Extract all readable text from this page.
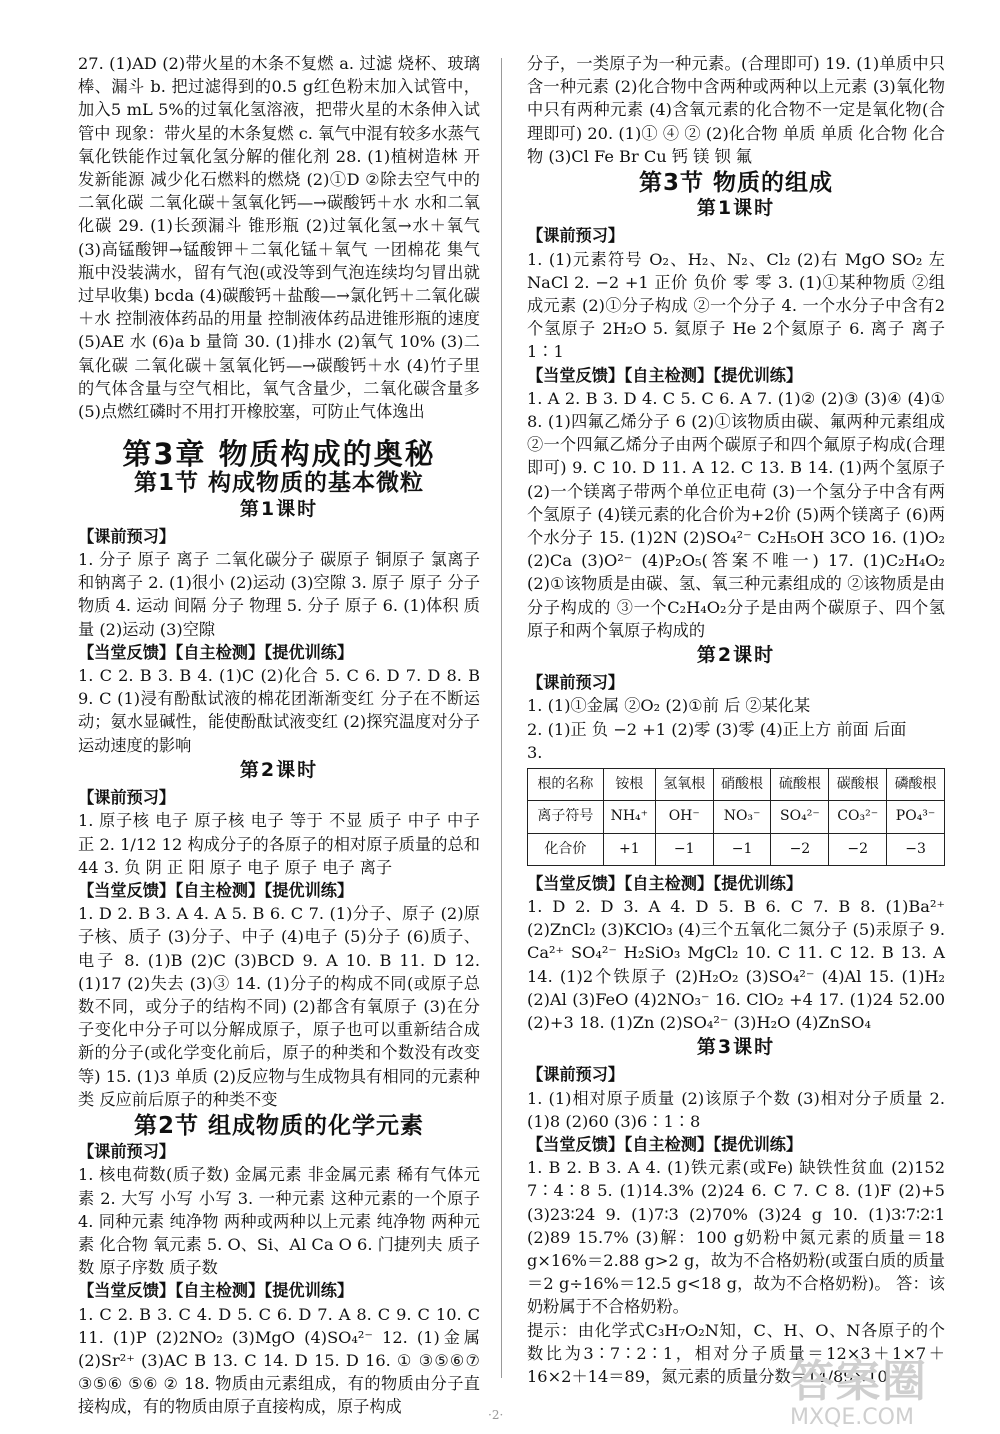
27. (1)AD (2)带火星的木条不复燃 a. 过滤 烧杯、玻璃棒、漏斗 b. 把过滤得到的0.5 g红色粉末加入试管中，加入5 mL 5%的过氧化氢溶液，把带火星的木条伸入试管中 现象：带火星的木条复燃 c. 氧气中混有较多水蒸气 氧化铁能作过氧化氢分解的催化剂 28. (1)植树造林 开发新能源 减少化石燃料的燃烧 (2)①D ②除去空气中的二氧化碳 二氧化碳＋氢氧化钙—→碳酸钙＋水 水和二氧化碳 29. (1)长颈漏斗 锥形瓶 (2)过氧化氢→水＋氧气 (3)高锰酸钾→锰酸钾＋二氧化锰＋氧气 一团棉花 集气瓶中没装满水，留有气泡(或没等到气泡连续均匀冒出就过早收集) bcda (4)碳酸钙＋盐酸—→氯化钙＋二氧化碳＋水 控制液体药品的用量 控制液体药品进锥形瓶的速度 (5)AE 水 (6)a b 量筒 30. (1)排水 (2)氧气 10% (3)二氧化碳 二氧化碳＋氢氧化钙—→碳酸钙＋水 (4)竹子里的气体含量与空气相比，氧气含量少，二氧化碳含量多 (5)点燃红磷时不用打开橡胶塞，可防止气体逸出

第3章 物质构成的奥秘
第1节 构成物质的基本微粒
第1课时

【课前预习】

1. 分子 原子 离子 二氧化碳分子 碳原子 铜原子 氯离子和钠离子 2. (1)很小 (2)运动 (3)空隙 3. 原子 原子 分子 物质 4. 运动 间隔 分子 物理 5. 分子 原子 6. (1)体积 质量 (2)运动 (3)空隙

【当堂反馈】【自主检测】【提优训练】

1. C 2. B 3. B 4. (1)C (2)化合 5. C 6. D 7. D 8. B 9. C (1)浸有酚酞试液的棉花团渐渐变红 分子在不断运动；氨水显碱性，能使酚酞试液变红 (2)探究温度对分子运动速度的影响

第2课时

【课前预习】

1. 原子核 电子 原子核 电子 等于 不显 质子 中子 中子 正 2. 1/12 12 构成分子的各原子的相对原子质量的总和 44 3. 负 阴 正 阳 原子 电子 原子 电子 离子

【当堂反馈】【自主检测】【提优训练】

1. D 2. B 3. A 4. A 5. B 6. C 7. (1)分子、原子 (2)原子核、质子 (3)分子、中子 (4)电子 (5)分子 (6)质子、电子 8. (1)B (2)C (3)BCD 9. A 10. B 11. D 12. (1)17 (2)失去 (3)③ 14. (1)分子的构成不同(或原子总数不同，或分子的结构不同) (2)都含有氧原子 (3)在分子变化中分子可以分解成原子，原子也可以重新结合成新的分子(或化学变化前后，原子的种类和个数没有改变等) 15. (1)3 单质 (2)反应物与生成物具有相同的元素种类 反应前后原子的种类不变

第2节 组成物质的化学元素

【课前预习】

1. 核电荷数(质子数) 金属元素 非金属元素 稀有气体元素 2. 大写 小写 小写 3. 一种元素 这种元素的一个原子 4. 同种元素 纯净物 两种或两种以上元素 纯净物 两种元素 化合物 氧元素 5. O、Si、Al Ca O 6. 门捷列夫 质子数 原子序数 质子数

【当堂反馈】【自主检测】【提优训练】

1. C 2. B 3. C 4. D 5. C 6. D 7. A 8. C 9. C 10. C 11. (1)P (2)2NO₂ (3)MgO (4)SO₄²⁻ 12. (1)金属 (2)Sr²⁺ (3)AC B 13. C 14. D 15. D 16. ① ③⑤⑥⑦ ③⑤⑥ ⑤⑥ ② 18. 物质由元素组成，有的物质由分子直接构成，有的物质由原子直接构成，原子构成

分子，一类原子为一种元素。(合理即可) 19. (1)单质中只含一种元素 (2)化合物中含两种或两种以上元素 (3)氧化物中只有两种元素 (4)含氧元素的化合物不一定是氧化物(合理即可) 20. (1)① ④ ② (2)化合物 单质 单质 化合物 化合物 (3)Cl Fe Br Cu 钙 镁 钡 氟

第3节 物质的组成
第1课时

【课前预习】

1. (1)元素符号 O₂、H₂、N₂、Cl₂ (2)右 MgO SO₂ 左 NaCl 2. −2 +1 正价 负价 零 零 3. (1)①某种物质 ②组成元素 (2)①分子构成 ②一个分子 4. 一个水分子中含有2个氢原子 2H₂O 5. 氦原子 He 2个氦原子 6. 离子 离子 1∶1

【当堂反馈】【自主检测】【提优训练】

1. A 2. B 3. D 4. C 5. C 6. A 7. (1)② (2)③ (3)④ (4)① 8. (1)四氟乙烯分子 6 (2)①该物质由碳、氟两种元素组成 ②一个四氟乙烯分子由两个碳原子和四个氟原子构成(合理即可) 9. C 10. D 11. A 12. C 13. B 14. (1)两个氢原子 (2)一个镁离子带两个单位正电荷 (3)一个氢分子中含有两个氢原子 (4)镁元素的化合价为+2价 (5)两个镁离子 (6)两个水分子 15. (1)2N (2)SO₄²⁻ C₂H₅OH 3CO 16. (1)O₂ (2)Ca (3)O²⁻ (4)P₂O₅(答案不唯一) 17. (1)C₂H₄O₂ (2)①该物质是由碳、氢、氧三种元素组成的 ②该物质是由分子构成的 ③一个C₂H₄O₂分子是由两个碳原子、四个氢原子和两个氧原子构成的

第2课时

【课前预习】

1. (1)①金属 ②O₂ (2)①前 后 ②某化某

2. (1)正 负 −2 +1 (2)零 (3)零 (4)正上方 前面 后面

3.

根的名称	铵根	氢氧根	硝酸根	硫酸根	碳酸根	磷酸根
离子符号	NH₄⁺	OH⁻	NO₃⁻	SO₄²⁻	CO₃²⁻	PO₄³⁻
化合价	+1	−1	−1	−2	−2	−3

【当堂反馈】【自主检测】【提优训练】

1. D 2. D 3. A 4. D 5. B 6. C 7. B 8. (1)Ba²⁺ (2)ZnCl₂ (3)KClO₃ (4)三个五氧化二氮分子 (5)汞原子 9. Ca²⁺ SO₄²⁻ H₂SiO₃ MgCl₂ 10. C 11. C 12. B 13. A 14. (1)2个铁原子 (2)H₂O₂ (3)SO₄²⁻ (4)Al 15. (1)H₂ (2)Al (3)FeO (4)2NO₃⁻ 16. ClO₂ +4 17. (1)24 52.00 (2)+3 18. (1)Zn (2)SO₄²⁻ (3)H₂O (4)ZnSO₄

第3课时

【课前预习】

1. (1)相对原子质量 (2)该原子个数 (3)相对分子质量 2. (1)8 (2)60 (3)6∶1∶8

【当堂反馈】【自主检测】【提优训练】

1. B 2. B 3. A 4. (1)铁元素(或Fe) 缺铁性贫血 (2)152 7∶4∶8 5. (1)14.3% (2)24 6. C 7. C 8. (1)F (2)+5 (3)23∶24 9. (1)7∶3 (2)70% (3)24 g 10. (1)3∶7∶2∶1 (2)89 15.7% (3)解：100 g奶粉中氮元素的质量＝18 g×16%＝2.88 g>2 g，故为不合格奶粉(或蛋白质的质量＝2 g÷16%＝12.5 g<18 g，故为不合格奶粉)。 答：该奶粉属于不合格奶粉。

提示：由化学式C₃H₇O₂N知，C、H、O、N各原子的个数比为3∶7∶2∶1，相对分子质量＝12×3＋1×7＋16×2＋14＝89，氮元素的质量分数＝14/89×10

·2·
答案圈
MXQE.COM
